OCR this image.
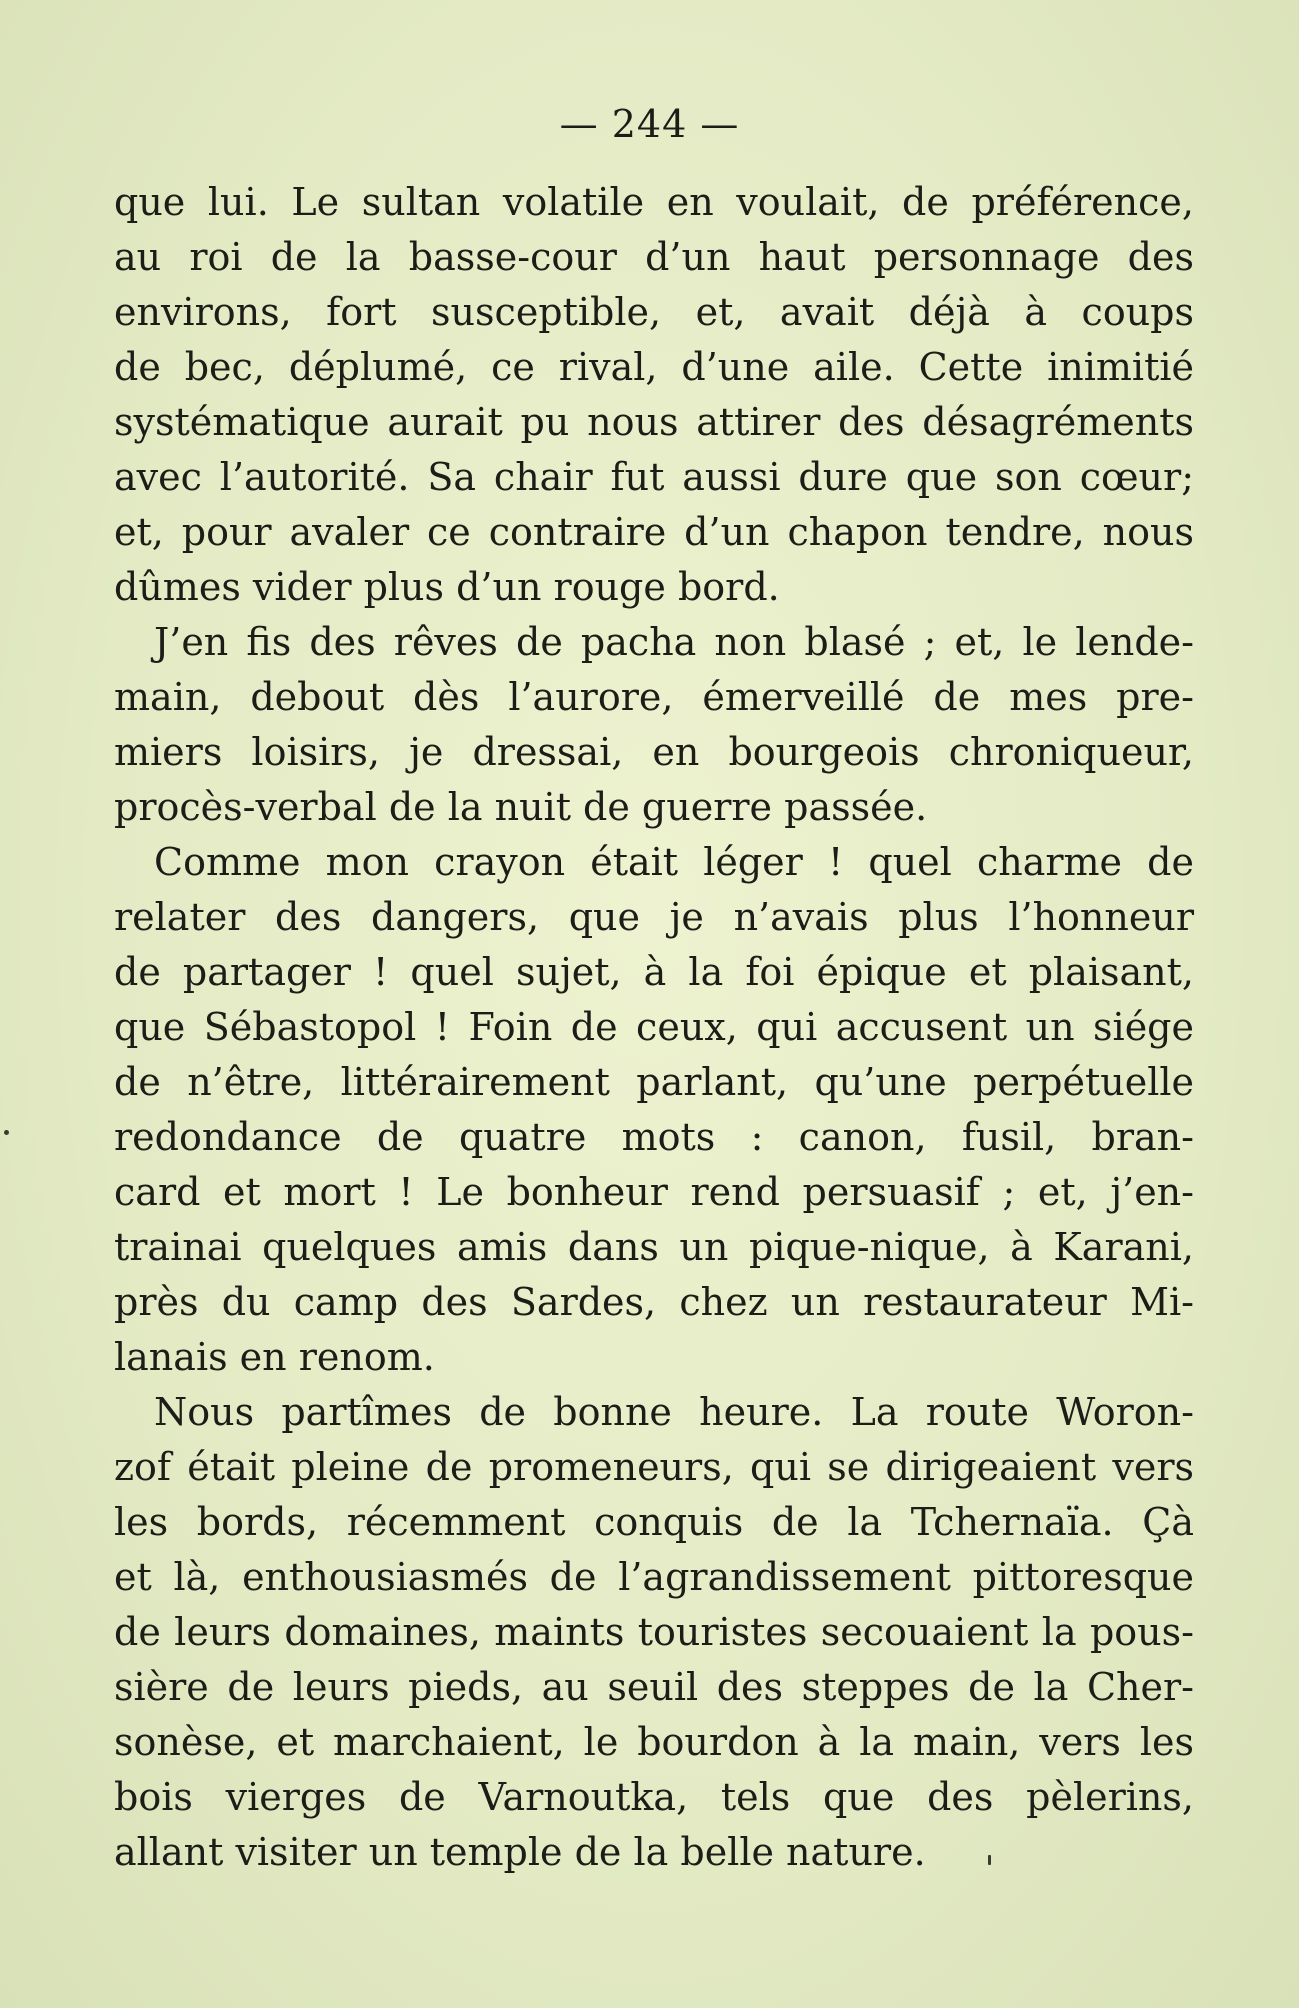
— 244 —
que lui. Le sultan volatile en voulait, de préférence,
au roi de la basse-cour d’un haut personnage des
environs, fort susceptible, et, avait déjà à coups
de bec, déplumé, ce rival, d’une aile. Cette inimitié
systématique aurait pu nous attirer des désagréments
avec l’autorité. Sa chair fut aussi dure que son cœur;
et, pour avaler ce contraire d’un chapon tendre, nous
dûmes vider plus d’un rouge bord.
J’en fis des rêves de pacha non blasé ; et, le lende-
main, debout dès l’aurore, émerveillé de mes pre-
miers loisirs, je dressai, en bourgeois chroniqueur,
procès-verbal de la nuit de guerre passée.
Comme mon crayon était léger ! quel charme de
relater des dangers, que je n’avais plus l’honneur
de partager ! quel sujet, à la foi épique et plaisant,
que Sébastopol ! Foin de ceux, qui accusent un siége
de n’être, littérairement parlant, qu’une perpétuelle
redondance de quatre mots : canon, fusil, bran-
card et mort ! Le bonheur rend persuasif ; et, j’en-
trainai quelques amis dans un pique-nique, à Karani,
près du camp des Sardes, chez un restaurateur Mi-
lanais en renom.
Nous partîmes de bonne heure. La route Woron-
zof était pleine de promeneurs, qui se dirigeaient vers
les bords, récemment conquis de la Tchernaïa. Çà
et là, enthousiasmés de l’agrandissement pittoresque
de leurs domaines, maints touristes secouaient la pous-
sière de leurs pieds, au seuil des steppes de la Cher-
sonèse, et marchaient, le bourdon à la main, vers les
bois vierges de Varnoutka, tels que des pèlerins,
allant visiter un temple de la belle nature.
